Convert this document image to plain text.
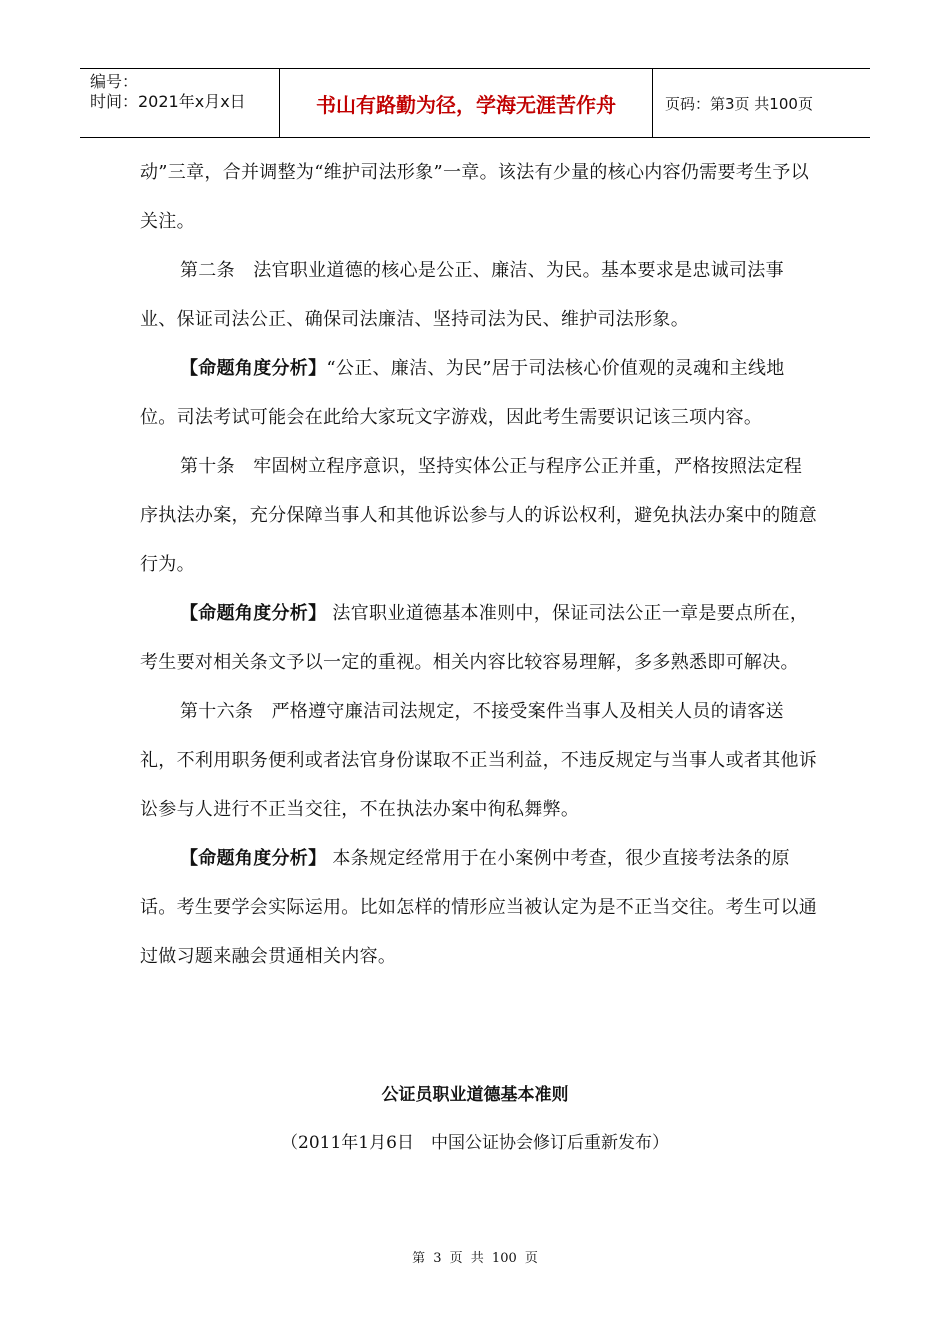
编号：
时间：2021年x月x日	书山有路勤为径，学海无涯苦作舟	页码：第3页 共100页

动”三章，合并调整为“维护司法形象”一章。该法有少量的核心内容仍需要考生予以关注。

第二条　法官职业道德的核心是公正、廉洁、为民。基本要求是忠诚司法事业、保证司法公正、确保司法廉洁、坚持司法为民、维护司法形象。

【命题角度分析】“公正、廉洁、为民”居于司法核心价值观的灵魂和主线地位。司法考试可能会在此给大家玩文字游戏，因此考生需要识记该三项内容。

第十条　牢固树立程序意识，坚持实体公正与程序公正并重，严格按照法定程序执法办案，充分保障当事人和其他诉讼参与人的诉讼权利，避免执法办案中的随意行为。

【命题角度分析】 法官职业道德基本准则中，保证司法公正一章是要点所在，考生要对相关条文予以一定的重视。相关内容比较容易理解，多多熟悉即可解决。

第十六条　严格遵守廉洁司法规定，不接受案件当事人及相关人员的请客送礼，不利用职务便利或者法官身份谋取不正当利益，不违反规定与当事人或者其他诉讼参与人进行不正当交往，不在执法办案中徇私舞弊。

【命题角度分析】 本条规定经常用于在小案例中考查，很少直接考法条的原话。考生要学会实际运用。比如怎样的情形应当被认定为是不正当交往。考生可以通过做习题来融会贯通相关内容。

公证员职业道德基本准则
（2011年1月6日　中国公证协会修订后重新发布）
第 3 页 共 100 页
